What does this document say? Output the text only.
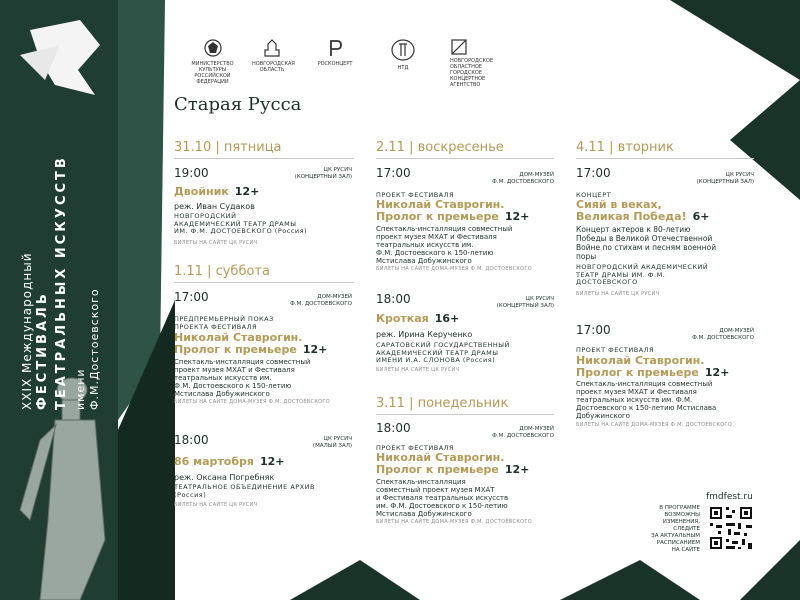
XXIX Международный ФЕСТИВАЛЬ ТЕАТРАЛЬНЫХ ИСКУССТВ имени Ф.М.Достоевского
МИНИСТЕРСТВО КУЛЬТУРЫ РОССИЙСКОЙ ФЕДЕРАЦИИ
НОВГОРОДСКАЯ ОБЛАСТЬ
РОСКОНЦЕРТ
НТД
НОВГОРОДСКОЕ ОБЛАСТНОЕ ГОРОДСКОЕ КОНЦЕРТНОЕ АГЕНТСТВО
Старая Русса
31.10 | пятница
19:00	ЦК РУСИЧ
(КОНЦЕРТНЫЙ ЗАЛ)
Двойник 12+
реж. Иван Судаков
НОВГОРОДСКИЙ
АКАДЕМИЧЕСКИЙ ТЕАТР ДРАМЫ
ИМ. Ф.М. ДОСТОЕВСКОГО (Россия)
БИЛЕТЫ НА САЙТЕ ЦК РУСИЧ
1.11 | суббота
17:00	ДОМ-МУЗЕЙ
Ф.М. ДОСТОЕВСКОГО
ПРЕДПРЕМЬЕРНЫЙ ПОКАЗ
ПРОЕКТА ФЕСТИВАЛЯ
Николай Ставрогин.
Пролог к премьере 12+
Спектакль-инсталляция совместный
проект музея МХАТ и Фестиваля
театральных искусств им.
Ф.М. Достоевского к 150-летию
Мстислава Добужинского
БИЛЕТЫ НА САЙТЕ ДОМА-МУЗЕЯ Ф.М. ДОСТОЕВСКОГО
18:00	ЦК РУСИЧ
(МАЛЫЙ ЗАЛ)
86 мартобря 12+
реж. Оксана Погребняк
ТЕАТРАЛЬНОЕ ОБЪЕДИНЕНИЕ АРХИВ
(Россия)
БИЛЕТЫ НА САЙТЕ ЦК РУСИЧ
2.11 | воскресенье
17:00	ДОМ-МУЗЕЙ
Ф.М. ДОСТОЕВСКОГО
ПРОЕКТ ФЕСТИВАЛЯ
Николай Ставрогин.
Пролог к премьере 12+
Спектакль-инсталляция совместный
проект музея МХАТ и Фестиваля
театральных искусств им.
Ф.М. Достоевского к 150-летию
Мстислава Добужинского
БИЛЕТЫ НА САЙТЕ ДОМА-МУЗЕЯ Ф.М. ДОСТОЕВСКОГО
18:00	ЦК РУСИЧ
(КОНЦЕРТНЫЙ ЗАЛ)
Кроткая 16+
реж. Ирина Керученко
САРАТОВСКИЙ ГОСУДАРСТВЕННЫЙ
АКАДЕМИЧЕСКИЙ ТЕАТР ДРАМЫ
ИМЕНИ И.А. СЛОНОВА (Россия)
БИЛЕТЫ НА САЙТЕ ЦК РУСИЧ
3.11 | понедельник
18:00	ДОМ-МУЗЕЙ
Ф.М. ДОСТОЕВСКОГО
ПРОЕКТ ФЕСТИВАЛЯ
Николай Ставрогин.
Пролог к премьере 12+
Спектакль-инсталляция
совместный проект музея МХАТ
и Фестиваля театральных искусств
им. Ф.М. Достоевского к 150-летию
Мстислава Добужинского
БИЛЕТЫ НА САЙТЕ ДОМА-МУЗЕЯ Ф.М. ДОСТОЕВСКОГО
4.11 | вторник
17:00	ЦК РУСИЧ
(КОНЦЕРТНЫЙ ЗАЛ)
КОНЦЕРТ
Сияй в веках,
Великая Победа! 6+
Концерт актеров к 80-летию
Победы в Великой Отечественной
Войне по стихам и песням военной
поры
НОВГОРОДСКИЙ АКАДЕМИЧЕСКИЙ
ТЕАТР ДРАМЫ ИМ. Ф.М.
ДОСТОЕВСКОГО
БИЛЕТЫ НА САЙТЕ ЦК РУСИЧ
17:00	ДОМ-МУЗЕЙ
Ф.М. ДОСТОЕВСКОГО
ПРОЕКТ ФЕСТИВАЛЯ
Николай Ставрогин.
Пролог к премьере 12+
Спектакль-инсталляция совместный
проект музея МХАТ и Фестиваля
театральных искусств им. Ф.М.
Достоевского к 150-летию Мстислава
Добужинского
БИЛЕТЫ НА САЙТЕ ДОМА-МУЗЕЯ Ф.М. ДОСТОЕВСКОГО
fmdfest.ru
В ПРОГРАММЕ
ВОЗМОЖНЫ
ИЗМЕНЕНИЯ,
СЛЕДИТЕ
ЗА АКТУАЛЬНЫМ
РАСПИСАНИЕМ
НА САЙТЕ
